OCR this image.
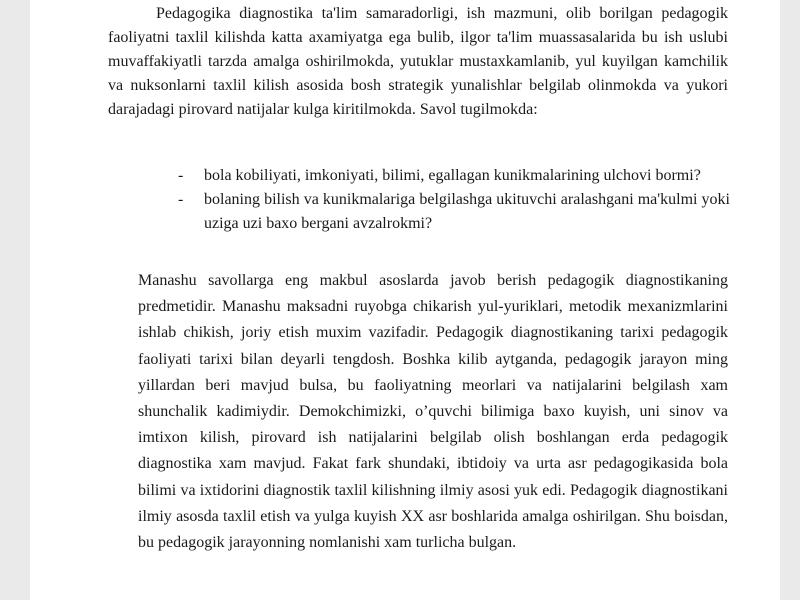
Pedagogika diagnostika ta'lim samaradorligi, ish mazmuni, olib borilgan pedagogik faoliyatni taxlil kilishda katta axamiyatga ega bulib, ilgor ta'lim muassasalarida bu ish uslubi muvaffakiyatli tarzda amalga oshirilmokda, yutuklar mustaxkamlanib, yul kuyilgan kamchilik va nuksonlarni taxlil kilish asosida bosh strategik yunalishlar belgilab olinmokda va yukori darajadagi pirovard natijalar kulga kiritilmokda. Savol tugilmokda:

- bola kobiliyati, imkoniyati, bilimi, egallagan kunikmalarining ulchovi bormi?
- bolaning bilish va kunikmalariga belgilashga ukituvchi aralashgani ma'kulmi yoki uziga uzi baxo bergani avzalrokmi?

Manashu savollarga eng makbul asoslarda javob berish pedagogik diagnostikaning predmetidir. Manashu maksadni ruyobga chikarish yul-yuriklari, metodik mexanizmlarini ishlab chikish, joriy etish muxim vazifadir. Pedagogik diagnostikaning tarixi pedagogik faoliyati tarixi bilan deyarli tengdosh. Boshka kilib aytganda, pedagogik jarayon ming yillardan beri mavjud bulsa, bu faoliyatning meorlari va natijalarini belgilash xam shunchalik kadimiydir. Demokchimizki, o’quvchi bilimiga baxo kuyish, uni sinov va imtixon kilish, pirovard ish natijalarini belgilab olish boshlangan erda pedagogik diagnostika xam mavjud. Fakat fark shundaki, ibtidoiy va urta asr pedagogikasida bola bilimi va ixtidorini diagnostik taxlil kilishning ilmiy asosi yuk edi. Pedagogik diagnostikani ilmiy asosda taxlil etish va yulga kuyish XX asr boshlarida amalga oshirilgan. Shu boisdan, bu pedagogik jarayonning nomlanishi xam turlicha bulgan.
